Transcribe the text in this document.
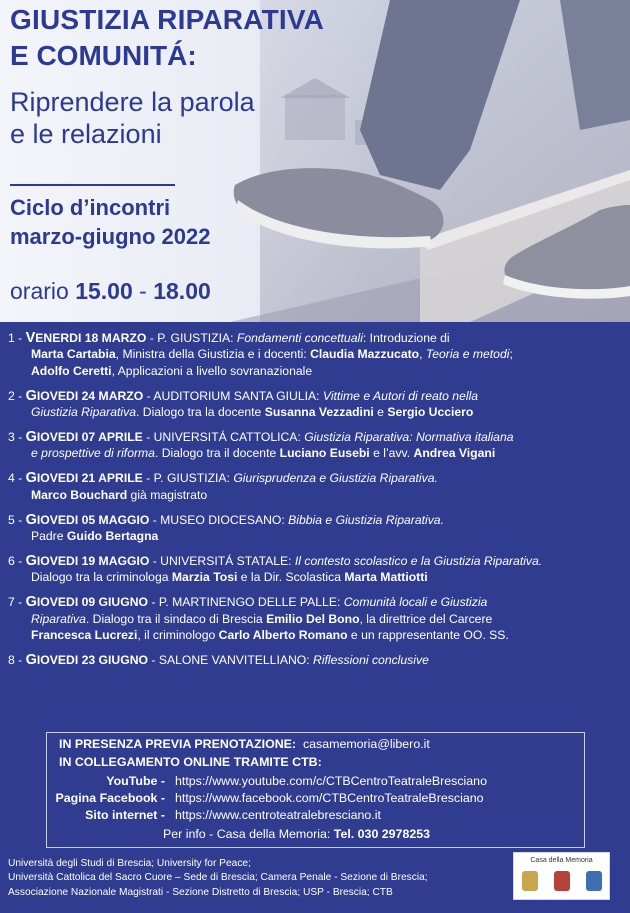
GIUSTIZIA RIPARATIVA
E COMUNITÁ:
Riprendere la parola
e le relazioni
Ciclo d’incontri
marzo-giugno 2022
orario 15.00 - 18.00
1 - VENERDI 18 MARZO - P. GIUSTIZIA: Fondamenti concettuali: Introduzione di
Marta Cartabia, Ministra della Giustizia e i docenti: Claudia Mazzucato, Teoria e metodi;
Adolfo Ceretti, Applicazioni a livello sovranazionale
2 - GIOVEDI 24 MARZO - AUDITORIUM SANTA GIULIA: Vittime e Autori di reato nella
Giustizia Riparativa. Dialogo tra la docente Susanna Vezzadini e Sergio Ucciero
3 - GIOVEDI 07 APRILE - UNIVERSITÁ CATTOLICA: Giustizia Riparativa: Normativa italiana
e prospettive di riforma. Dialogo tra il docente Luciano Eusebi e l’avv. Andrea Vigani
4 - GIOVEDI 21 APRILE - P. GIUSTIZIA: Giurisprudenza e Giustizia Riparativa.
Marco Bouchard già magistrato
5 - GIOVEDI 05 MAGGIO - MUSEO DIOCESANO: Bibbia e Giustizia Riparativa.
Padre Guido Bertagna
6 - GIOVEDI 19 MAGGIO - UNIVERSITÁ STATALE: Il contesto scolastico e la Giustizia Riparativa.
Dialogo tra la criminologa Marzia Tosi e la Dir. Scolastica Marta Mattiotti
7 - GIOVEDI 09 GIUGNO - P. MARTINENGO DELLE PALLE: Comunità locali e Giustizia
Riparativa. Dialogo tra il sindaco di Brescia Emilio Del Bono, la direttrice del Carcere
Francesca Lucrezi, il criminologo Carlo Alberto Romano e un rappresentante OO. SS.
8 - GIOVEDI 23 GIUGNO - SALONE VANVITELLIANO: Riflessioni conclusive
IN PRESENZA PREVIA PRENOTAZIONE: casamemoria@libero.it
IN COLLEGAMENTO ONLINE TRAMITE CTB:
YouTube - https://www.youtube.com/c/CTBCentroTeatraleBresciano
Pagina Facebook - https://www.facebook.com/CTBCentroTeatraleBresciano
Sito internet - https://www.centroteatralebresciano.it
Per info - Casa della Memoria: Tel. 030 2978253
Università degli Studi di Brescia; University for Peace;
Università Cattolica del Sacro Cuore – Sede di Brescia; Camera Penale - Sezione di Brescia;
Associazione Nazionale Magistrati - Sezione Distretto di Brescia; USP - Brescia; CTB
Casa della Memoria
